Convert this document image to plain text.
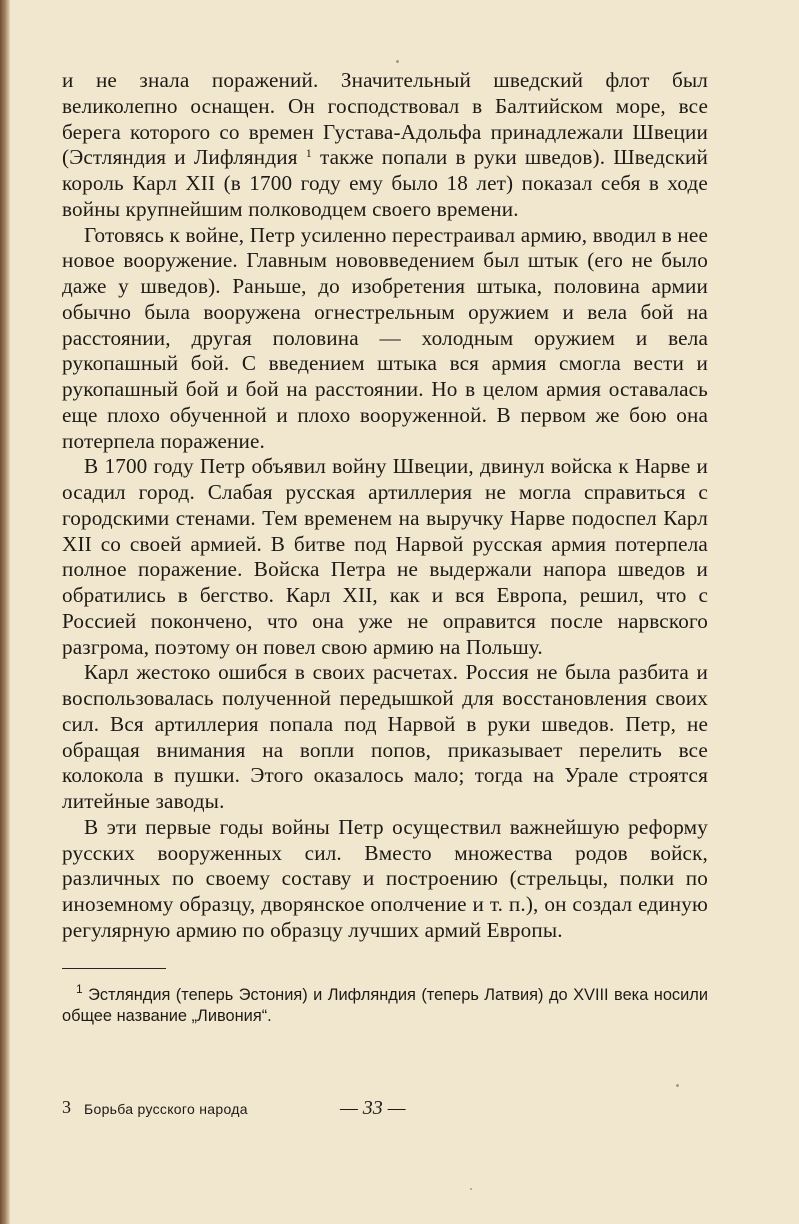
и не знала поражений. Значительный шведский флот был великолепно оснащен. Он господствовал в Балтийском море, все берега которого со времен Густава-Адольфа принадлежали Швеции (Эстляндия и Лифляндия $^1$ также попали в руки шведов). Шведский король Карл XII (в 1700 году ему было 18 лет) показал себя в ходе войны крупнейшим полководцем своего времени.

Готовясь к войне, Петр усиленно перестраивал армию, вводил в нее новое вооружение. Главным нововведением был штык (его не было даже у шведов). Раньше, до изобретения штыка, половина армии обычно была вооружена огнестрельным оружием и вела бой на расстоянии, другая половина — холодным оружием и вела рукопашный бой. С введением штыка вся армия смогла вести и рукопашный бой и бой на расстоянии. Но в целом армия оставалась еще плохо обученной и плохо вооруженной. В первом же бою она потерпела поражение.

В 1700 году Петр объявил войну Швеции, двинул войска к Нарве и осадил город. Слабая русская артиллерия не могла справиться с городскими стенами. Тем временем на выручку Нарве подоспел Карл XII со своей армией. В битве под Нарвой русская армия потерпела полное поражение. Войска Петра не выдержали напора шведов и обратились в бегство. Карл XII, как и вся Европа, решил, что с Россией покончено, что она уже не оправится после нарвского разгрома, поэтому он повел свою армию на Польшу.

Карл жестоко ошибся в своих расчетах. Россия не была разбита и воспользовалась полученной передышкой для восстановления своих сил. Вся артиллерия попала под Нарвой в руки шведов. Петр, не обращая внимания на вопли попов, приказывает перелить все колокола в пушки. Этого оказалось мало; тогда на Урале строятся литейные заводы.

В эти первые годы войны Петр осуществил важнейшую реформу русских вооруженных сил. Вместо множества родов войск, различных по своему составу и построению (стрельцы, полки по иноземному образцу, дворянское ополчение и т. п.), он создал единую регулярную армию по образцу лучших армий Европы.

$^1$ Эстляндия (теперь Эстония) и Лифляндия (теперь Латвия) до XVIII века носили общее название „Ливония“.

3 Борьба русского народа	— 33 —
